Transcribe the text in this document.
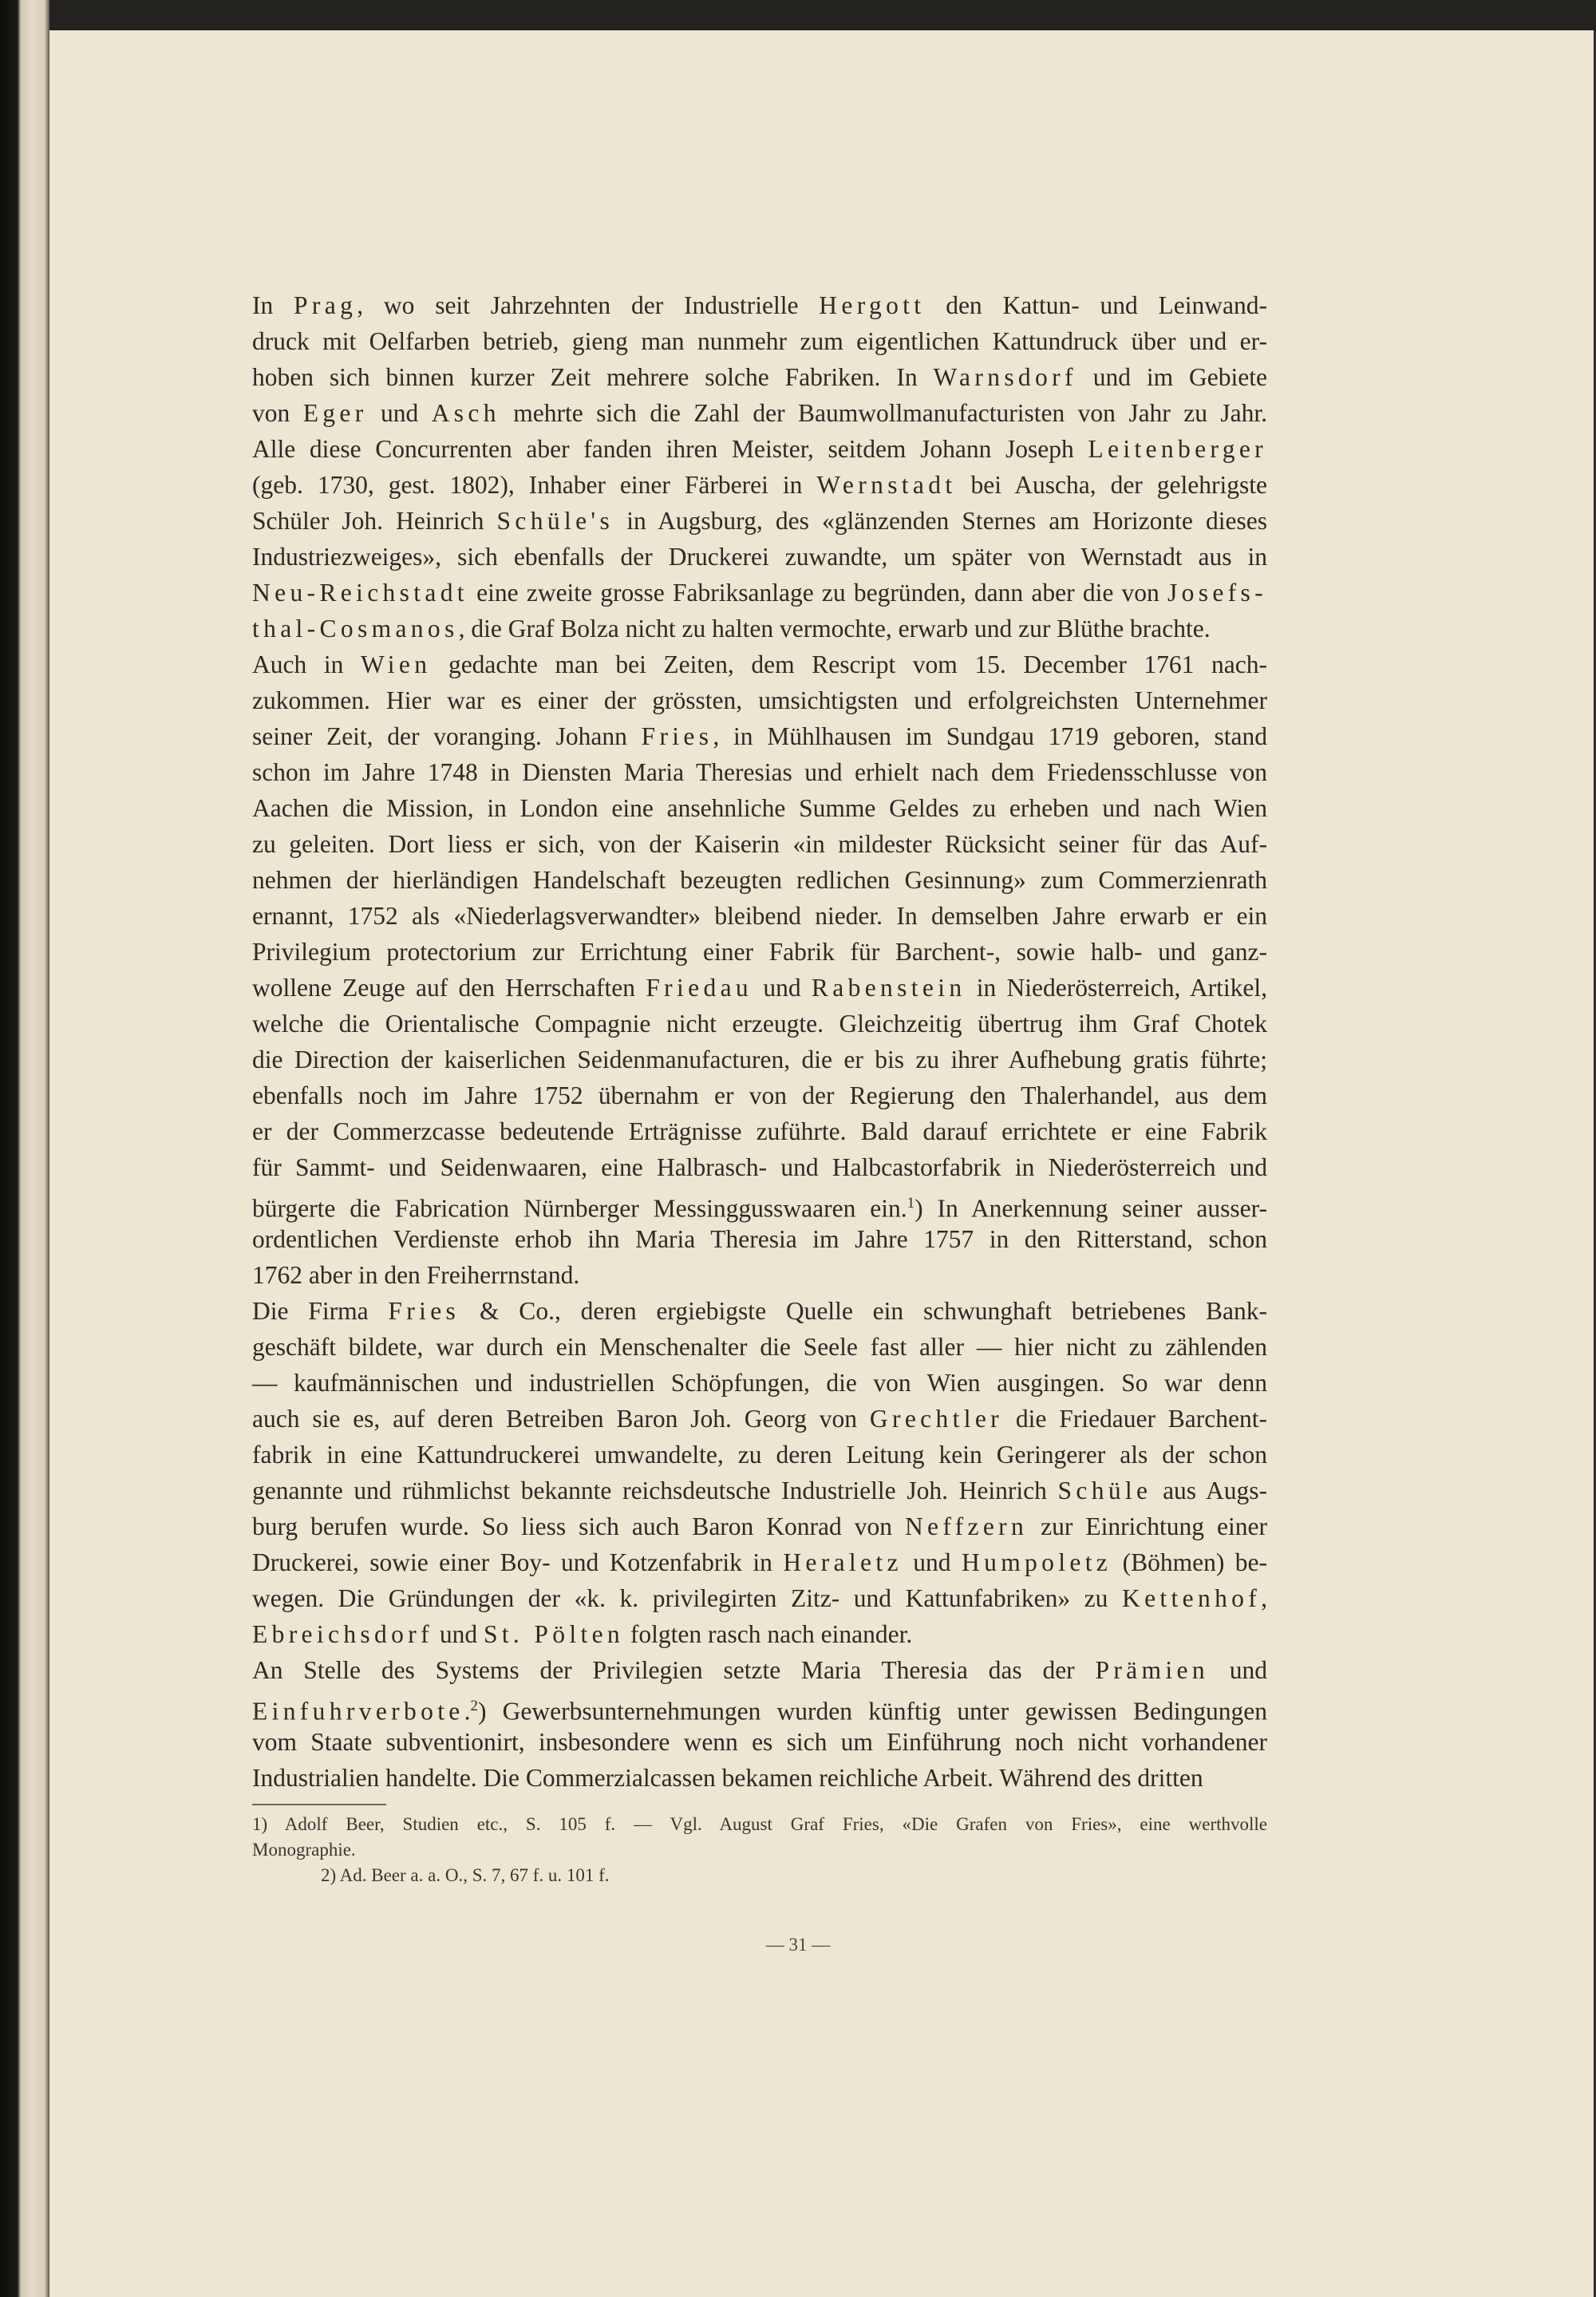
In Prag, wo seit Jahrzehnten der Industrielle Hergott den Kattun- und Leinwand-
druck mit Oelfarben betrieb, gieng man nunmehr zum eigentlichen Kattundruck über und er-
hoben sich binnen kurzer Zeit mehrere solche Fabriken. In Warnsdorf und im Gebiete
von Eger und Asch mehrte sich die Zahl der Baumwollmanufacturisten von Jahr zu Jahr.
Alle diese Concurrenten aber fanden ihren Meister, seitdem Johann Joseph Leitenberger
(geb. 1730, gest. 1802), Inhaber einer Färberei in Wernstadt bei Auscha, der gelehrigste
Schüler Joh. Heinrich Schüle's in Augsburg, des «glänzenden Sternes am Horizonte dieses
Industriezweiges», sich ebenfalls der Druckerei zuwandte, um später von Wernstadt aus in
Neu-Reichstadt eine zweite grosse Fabriksanlage zu begründen, dann aber die von Josefs-
thal-Cosmanos, die Graf Bolza nicht zu halten vermochte, erwarb und zur Blüthe brachte.
Auch in Wien gedachte man bei Zeiten, dem Rescript vom 15. December 1761 nach-
zukommen. Hier war es einer der grössten, umsichtigsten und erfolgreichsten Unternehmer
seiner Zeit, der voranging. Johann Fries, in Mühlhausen im Sundgau 1719 geboren, stand
schon im Jahre 1748 in Diensten Maria Theresias und erhielt nach dem Friedensschlusse von
Aachen die Mission, in London eine ansehnliche Summe Geldes zu erheben und nach Wien
zu geleiten. Dort liess er sich, von der Kaiserin «in mildester Rücksicht seiner für das Auf-
nehmen der hierländigen Handelschaft bezeugten redlichen Gesinnung» zum Commerzienrath
ernannt, 1752 als «Niederlagsverwandter» bleibend nieder. In demselben Jahre erwarb er ein
Privilegium protectorium zur Errichtung einer Fabrik für Barchent-, sowie halb- und ganz-
wollene Zeuge auf den Herrschaften Friedau und Rabenstein in Niederösterreich, Artikel,
welche die Orientalische Compagnie nicht erzeugte. Gleichzeitig übertrug ihm Graf Chotek
die Direction der kaiserlichen Seidenmanufacturen, die er bis zu ihrer Aufhebung gratis führte;
ebenfalls noch im Jahre 1752 übernahm er von der Regierung den Thalerhandel, aus dem
er der Commerzcasse bedeutende Erträgnisse zuführte. Bald darauf errichtete er eine Fabrik
für Sammt- und Seidenwaaren, eine Halbrasch- und Halbcastorfabrik in Niederösterreich und
bürgerte die Fabrication Nürnberger Messinggusswaaren ein.$^1$) In Anerkennung seiner ausser-
ordentlichen Verdienste erhob ihn Maria Theresia im Jahre 1757 in den Ritterstand, schon
1762 aber in den Freiherrnstand.
Die Firma Fries & Co., deren ergiebigste Quelle ein schwunghaft betriebenes Bank-
geschäft bildete, war durch ein Menschenalter die Seele fast aller — hier nicht zu zählenden
— kaufmännischen und industriellen Schöpfungen, die von Wien ausgingen. So war denn
auch sie es, auf deren Betreiben Baron Joh. Georg von Grechtler die Friedauer Barchent-
fabrik in eine Kattundruckerei umwandelte, zu deren Leitung kein Geringerer als der schon
genannte und rühmlichst bekannte reichsdeutsche Industrielle Joh. Heinrich Schüle aus Augs-
burg berufen wurde. So liess sich auch Baron Konrad von Neffzern zur Einrichtung einer
Druckerei, sowie einer Boy- und Kotzenfabrik in Heraletz und Humpoletz (Böhmen) be-
wegen. Die Gründungen der «k. k. privilegirten Zitz- und Kattunfabriken» zu Kettenhof,
Ebreichsdorf und St. Pölten folgten rasch nach einander.
An Stelle des Systems der Privilegien setzte Maria Theresia das der Prämien und
Einfuhrverbote.$^2$) Gewerbsunternehmungen wurden künftig unter gewissen Bedingungen
vom Staate subventionirt, insbesondere wenn es sich um Einführung noch nicht vorhandener
Industrialien handelte. Die Commerzialcassen bekamen reichliche Arbeit. Während des dritten
1) Adolf Beer, Studien etc., S. 105 f. — Vgl. August Graf Fries, «Die Grafen von Fries», eine werthvolle
Monographie.
2) Ad. Beer a. a. O., S. 7, 67 f. u. 101 f.
— 31 —
